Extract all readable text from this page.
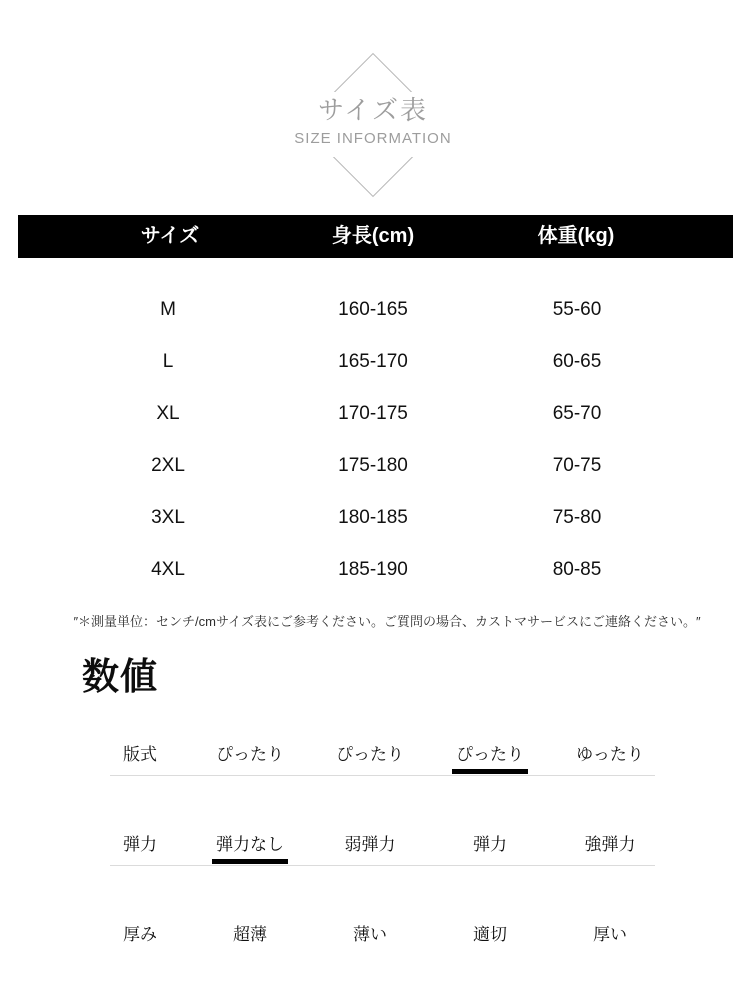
サイズ表
SIZE INFORMATION
サイズ	身長(cm)	体重(kg)
M	160-165	55-60
L	165-170	60-65
XL	170-175	65-70
2XL	175-180	70-75
3XL	180-185	75-80
4XL	185-190	80-85
″＊測量単位：センチ/cmサイズ表にご参考ください。ご質問の場合、カストマサービスにご連絡ください。″
数値
版式	ぴったり	ぴったり	ぴったり	ゆったり
弾力	弾力なし	弱弾力	弾力	強弾力
厚み	超薄	薄い	適切	厚い
